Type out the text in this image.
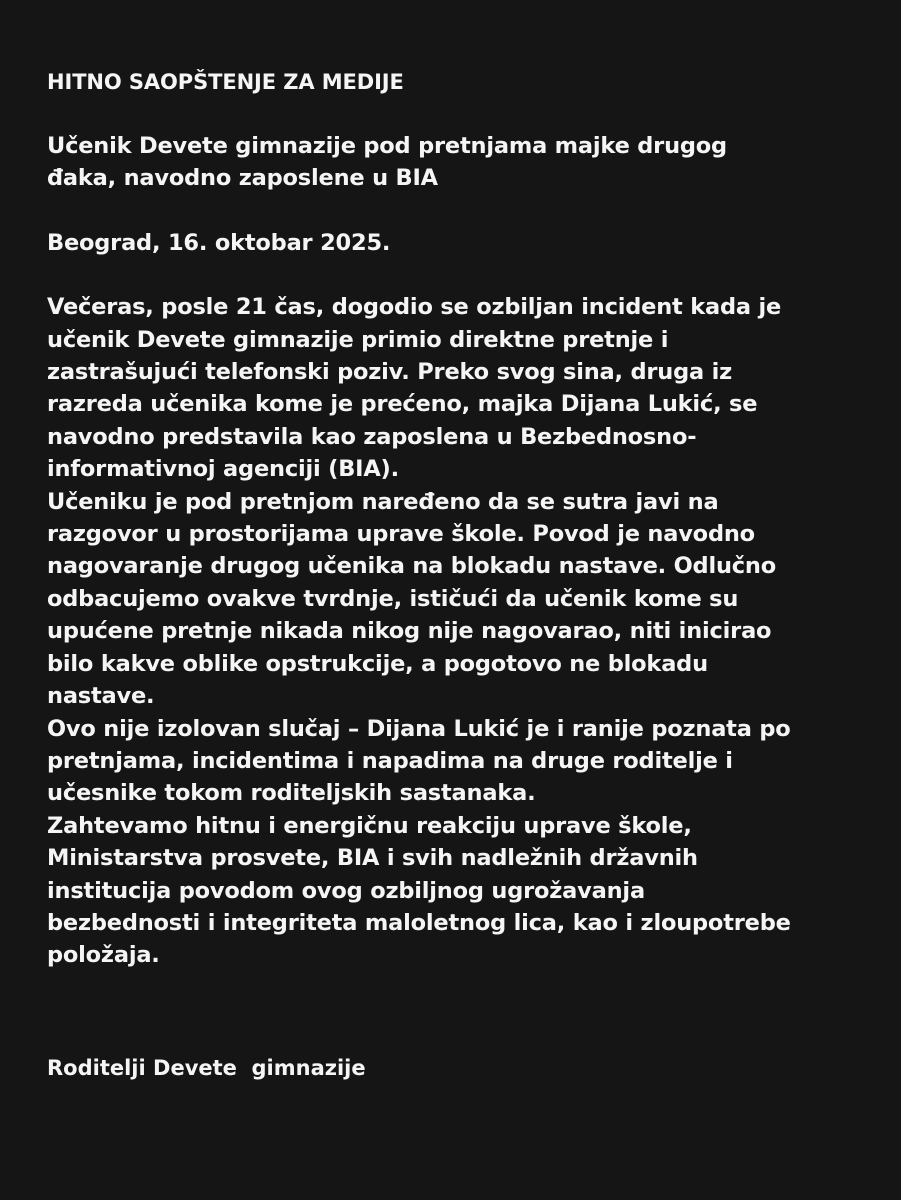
HITNO SAOPŠTENJE ZA MEDIJE

Učenik Devete gimnazije pod pretnjama majke drugog
đaka, navodno zaposlene u BIA

Beograd, 16. oktobar 2025.

Večeras, posle 21 čas, dogodio se ozbiljan incident kada je
učenik Devete gimnazije primio direktne pretnje i
zastrašujući telefonski poziv. Preko svog sina, druga iz
razreda učenika kome je prećeno, majka Dijana Lukić, se
navodno predstavila kao zaposlena u Bezbednosno-
informativnoj agenciji (BIA).
Učeniku je pod pretnjom naređeno da se sutra javi na
razgovor u prostorijama uprave škole. Povod je navodno
nagovaranje drugog učenika na blokadu nastave. Odlučno
odbacujemo ovakve tvrdnje, ističući da učenik kome su
upućene pretnje nikada nikog nije nagovarao, niti inicirao
bilo kakve oblike opstrukcije, a pogotovo ne blokadu
nastave.
Ovo nije izolovan slučaj – Dijana Lukić je i ranije poznata po
pretnjama, incidentima i napadima na druge roditelje i
učesnike tokom roditeljskih sastanaka.
Zahtevamo hitnu i energičnu reakciju uprave škole,
Ministarstva prosvete, BIA i svih nadležnih državnih
institucija povodom ovog ozbiljnog ugrožavanja
bezbednosti i integriteta maloletnog lica, kao i zloupotrebe
položaja.

Roditelji Devete  gimnazije
